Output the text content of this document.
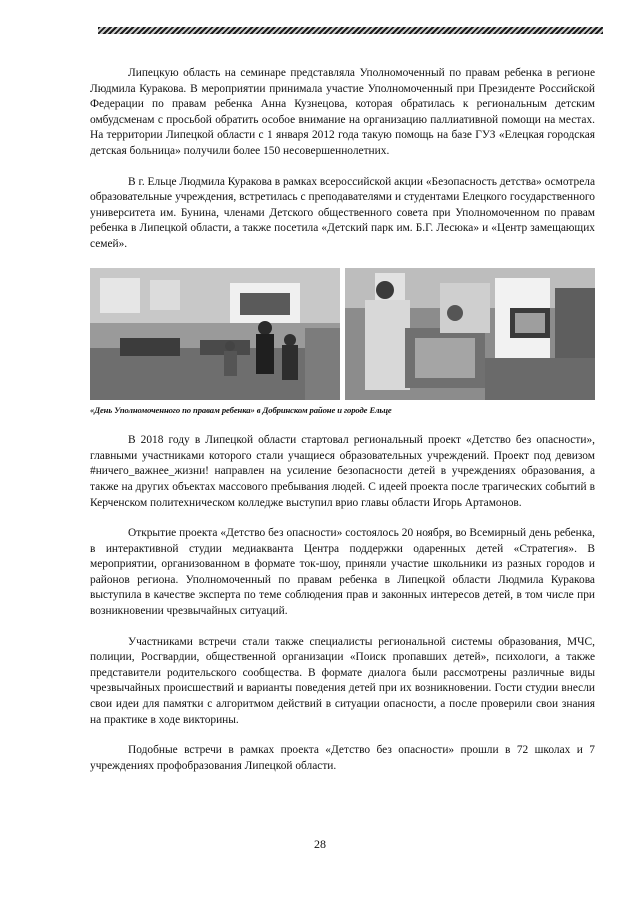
Липецкую область на семинаре представляла Уполномоченный по правам ребенка в регионе Людмила Куракова. В мероприятии принимала участие Уполномоченный при Президенте Российской Федерации по правам ребенка Анна Кузнецова, которая обратилась к региональным детским омбудсменам с просьбой обратить особое внимание на организацию паллиативной помощи на местах. На территории Липецкой области с 1 января 2012 года такую помощь на базе ГУЗ «Елецкая городская детская больница» получили более 150 несовершеннолетних.

В г. Ельце Людмила Куракова в рамках всероссийской акции «Безопасность детства» осмотрела образовательные учреждения, встретилась с преподавателями и студентами Елецкого государственного университета им. Бунина, членами Детского общественного совета при Уполномоченном по правам ребенка в Липецкой области, а также посетила «Детский парк им. Б.Г. Лесюка» и «Центр замещающих семей».

«День Уполномоченного по правам ребенка» в Добринском районе и городе Ельце

В 2018 году в Липецкой области стартовал региональный проект «Детство без опасности», главными участниками которого стали учащиеся образовательных учреждений. Проект под девизом #ничего_важнее_жизни! направлен на усиление безопасности детей в учреждениях образования, а также на других объектах массового пребывания людей. С идеей проекта после трагических событий в Керченском политехническом колледже выступил врио главы области Игорь Артамонов.

Открытие проекта «Детство без опасности» состоялось 20 ноября, во Всемирный день ребенка, в интерактивной студии медиакванта Центра поддержки одаренных детей «Стратегия». В мероприятии, организованном в формате ток-шоу, приняли участие школьники из разных городов и районов региона. Уполномоченный по правам ребенка в Липецкой области Людмила Куракова выступила в качестве эксперта по теме соблюдения прав и законных интересов детей, в том числе при возникновении чрезвычайных ситуаций.

Участниками встречи стали также специалисты региональной системы образования, МЧС, полиции, Росгвардии, общественной организации «Поиск пропавших детей», психологи, а также представители родительского сообщества. В формате диалога были рассмотрены различные виды чрезвычайных происшествий и варианты поведения детей при их возникновении. Гости студии внесли свои идеи для памятки с алгоритмом действий в ситуации опасности, а после проверили свои знания на практике в ходе викторины.

Подобные встречи в рамках проекта «Детство без опасности» прошли в 72 школах и 7 учреждениях профобразования Липецкой области.

28
